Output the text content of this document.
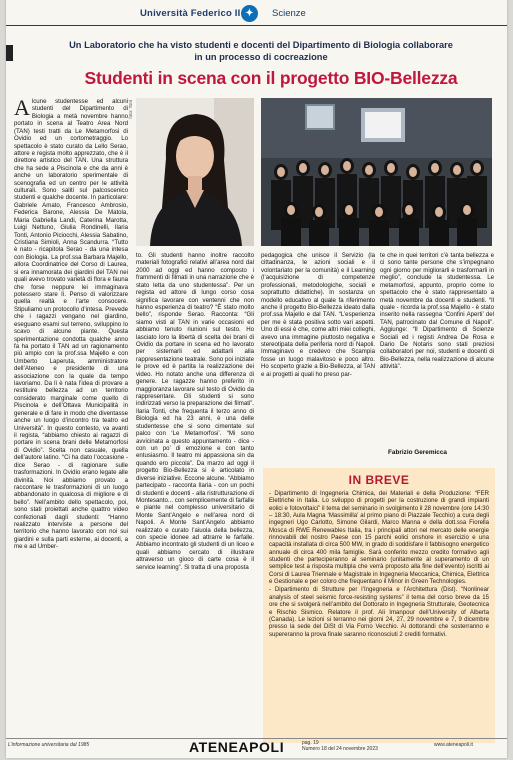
Università Federico II ✦	Scienze
Un Laboratorio che ha visto studenti e docenti del Dipartimento di Biologia collaborare in un processo di cocreazione
Studenti in scena con il progetto BIO-Bellezza

Alcune studentesse ed alcuni studenti del Dipartimento di Biologia a metà novembre hanno portato in scena al Teatro Area Nord (TAN) testi tratti da Le Metamorfosi di Ovidio ed un cortometraggio. Lo spettacolo è stato curato da Lello Serao, attore e regista molto apprezzato, che è il direttore artistico del TAN. Una struttura che ha sede a Piscinola e che da anni è anche un laboratorio sperimentale di scenografia ed un centro per le attività culturali. Sono saliti sul palcoscenico studenti e qualche docente. In particolare: Gabriele Amato, Francesco Ambrosio, Federica Barone, Alessia De Matola, Maria Gabriella Landi, Caterina Marotta, Luigi Nettuno, Giulia Rondinelli, Ilaria Tonti, Antonio Piciocchi, Alessia Sabatino, Cristiana Simioli, Anna Scandurra. “Tutto è nato - ricapitola Serao - da una intesa con Biologia. La prof.ssa Barbara Majello, allora Coordinatrice del Corso di Laurea, si era innamorata dei giardini del TAN nei quali avevo trovato varietà di flora e fauna che forse neppure lei immaginava potessero stare lì. Penso di valorizzare quella realtà e l’arte consocere. Stipuliamo un protocollo d’intesa. Prevede che i ragazzi vengano nel giardino, eseguano esami sul terreno, sviluppino lo scavo di alcune piante. Questa sperimentazione condotta qualche anno fa ha portato il TAN ad un ragionamento più ampio con la prof.ssa Majello e con Umberto Laperuta, amministratore dell’Ateneo e presidente di una associazione con la quale da tempo lavoriamo. Da lì è nata l’idea di provare a restituire bellezza ad un territorio considerato marginale come quello di Piscinola e dell’Ottava Municipalità in generale e di fare in modo che diventasse anche un luogo d’incontro tra teatro ed Università”. In questo contesto, va avanti il regista, “abbiamo chiesto ai ragazzi di portare in scena brani delle Metamorfosi di Ovidio”. Scelta non casuale, quella dell’autore latino. “Ci ha dato l’occasione - dice Serao - di ragionare sulle trasformazioni. In Ovidio erano legate alle divinità. Noi abbiamo provato a raccontare le trasformazioni di un luogo abbandonato in qualcosa di migliore e di bello”. Nell’ambito dello spettacolo, poi, sono stati proiettati anche quattro video confezionati dagli studenti: “Hanno realizzato interviste a persone del territorio che hanno lavorato con noi sui giardini e sulla parti esterne, ai docenti, a me e ad Umber-

foto: Toni

to. Gli studenti hanno inoltre raccolto materiali fotografici relativi all’area nord dal 2000 ad oggi ed hanno composto i frammenti di filmati in una narrazione che è stato letta da uno studentessa”. Per un regista ed attore di lungo corso cosa significa lavorare con ventenni che non hanno esperienza di teatro? “È stato molto bello”, risponde Serao. Racconta: “Gli siamo visti al TAN in varie occasioni ed abbiamo tenuto riunioni sul testo. Ho lasciato loro la libertà di scelta dei brani di Ovidio da portare in scena ed ho lavorato per sistemarli ed adattarli alla rappresentazione teatrale. Sono poi iniziate le prove ed è partita la realizzazione dei video. Ho notato anche una differenza di genere. Le ragazze hanno preferito in maggioranza lavorare sul testo di Ovidio da rappresentare. Gli studenti si sono indirizzati verso la preparazione dei filmati”. Ilaria Tonti, che frequenta il terzo anno di Biologia ed ha 23 anni, è una delle studentesse che si sono cimentate sul palco con ‘Le Metamorfosi’. “Mi sono avvicinata a questo appuntamento - dice - con un po’ di emozione e con tanto entusiasmo. Il teatro mi appassiona sin da quando ero piccola”. Da marzo ad oggi il progetto Bio-Bellezza si è articolato in diverse iniziative. Eccone alcune. “Abbiamo partecipato - racconta Ilaria - con un pochi di studenti e docenti - alla ristrutturazione di Montesanto... con semplicemente di farfalle e piante nel complesso universitario di Monte Sant’Angelo e nell’area nord di Napoli. A Monte Sant’Angelo abbiamo realizzato e curato l’aiuola della bellezza, con specie idonee ad attrarre le farfalle. Abbiamo incontrato gli studenti di un liceo e quali abbiamo cercato di illustrare attraverso un gioco di carte cosa è il service learning”. Si tratta di una proposta

pedagogica che unisce il Servizio (la cittadinanza, le azioni sociali e il volontariato per la comunità) e il Learning (l’acquisizione di competenze professionali, metodologiche, sociali e soprattutto didattiche). In sostanza un modello educativo al quale fa riferimento anche il progetto Bio-Bellezza ideato dalla prof.ssa Majello e dal TAN. “L’esperienza per me è stata positiva sotto vari aspetti. Uno di essi è che, come altri miei colleghi, avevo una immagine piuttosto negativa e stereotipata della periferia nord di Napoli. Immaginavo e credevo che Scampia fosse un luogo malavitoso e poco altro. Ho scoperto grazie a Bio-Bellezza, al TAN e ai progetti ai quali ho preso par-

te che in quei territori c’è tanta bellezza e ci sono tante persone che s’impegnano ogni giorno per migliorarli e trasformarli in meglio”, conclude la studentessa. Le metamorfosi, appunto, proprio come lo spettacolo che è stato rappresentato a metà novembre da docenti e studenti. “Il quale - ricorda la prof.ssa Majello - è stato inserito nella rassegna ‘Confini Aperti’ del TAN, patrocinato dal Comune di Napoli”. Aggiunge: “Il Dipartimento di Scienze Sociali ed i registi Andrea De Rosa e Dario De Notaris sono stati preziosi collaboratori per noi, studenti e docenti di Bio-Bellezza, nella realizzazione di alcune attività”.

Fabrizio Geremicca
IN BREVE

- Dipartimento di Ingegneria Chimica, dei Materiali e della Produzione: “FER Elettriche in Italia. Lo sviluppo di progetti per la costruzione di grandi impianti eolici e fotovoltaici” il tema del seminario in svolgimento il 28 novembre (ore 14:30 – 18:30, Aula Magna ‘Massimilla’ al primo piano di Piazzale Tecchio) a cura degli ingegneri Ugo Carlotto, Simone Gilardi, Marco Manna e della dott.ssa Fiorella Mosca di RWE Renewables Italia, tra i principali attori nel mercato delle energie rinnovabili del nostro Paese con 15 parchi eolici onshore in esercizio e una capacità installata di circa 500 MW, in grado di soddisfare il fabbisogno energetico annuale di circa 400 mila famiglie. Sarà conferito mezzo credito formativo agli studenti che parteciperanno al seminario (unitamente al superamento di un semplice test a risposta multipla che verrà proposto alla fine dell’evento) iscritti ai Corsi di Laurea Triennale e Magistrale in Ingegneria Meccanica, Chimica, Elettrica e Gestionale e per coloro che frequentano il Minor in Green Technologies.

- Dipartimento di Strutture per l’Ingegneria e l’Architettura (Dist). “Nonlinear analysis of steel seismic force-resisting systems” il tema del corso breve da 15 ore che si svolgerà nell’ambito del Dottorato in Ingegneria Strutturale, Geotecnica e Rischio Sismico. Relatore il prof. Ali Imanpour dell’University of Alberta (Canada). Le lezioni si terranno nei giorni 24, 27, 29 novembre e 7, 9 dicembre presso la sede del DiSt di Via Forno Vecchio. Ai dottorandi che sosterranno e supereranno la prova finale saranno riconosciuti 2 crediti formativi.

L’informazione universitaria dal 1985	ATENEAPOLI	pag. 19
Numero 18 del 24 novembre 2023
www.ateneapoli.it
